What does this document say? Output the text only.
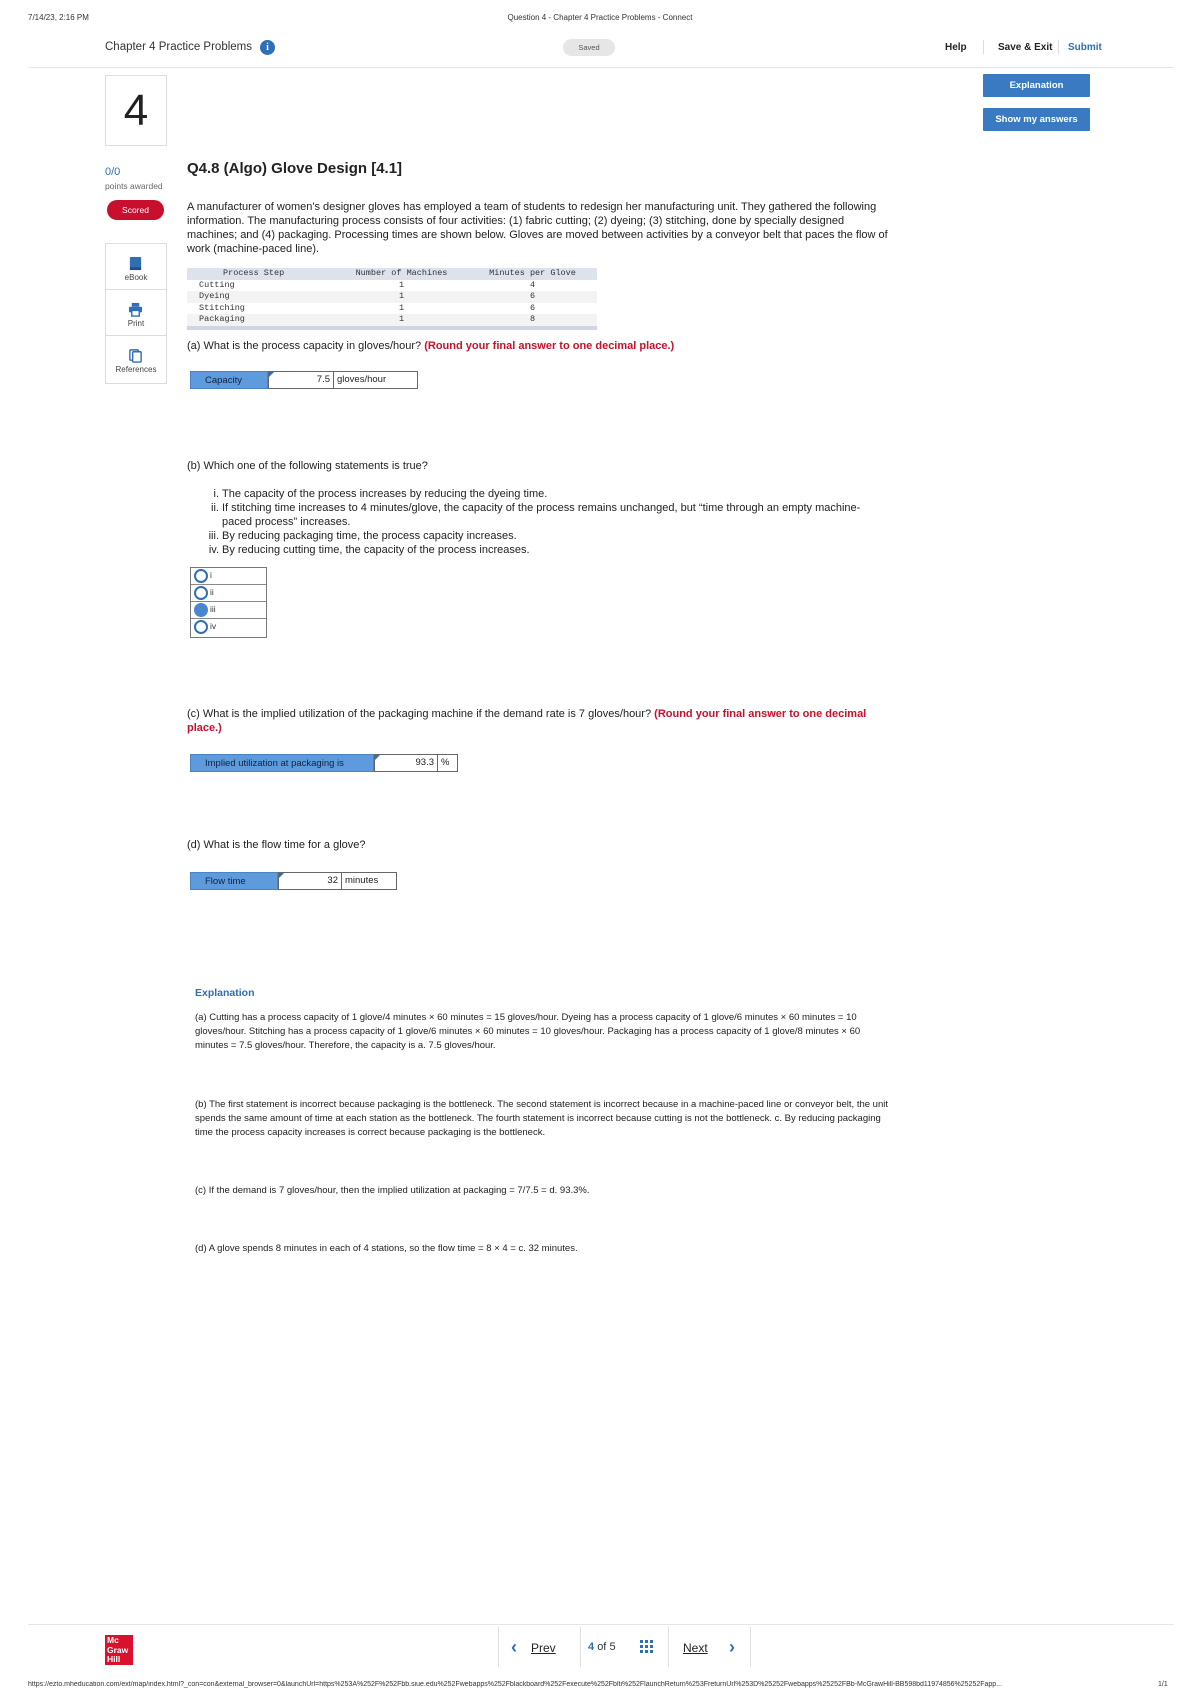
7/14/23, 2:16 PM	Question 4 - Chapter 4 Practice Problems - Connect
Chapter 4 Practice Problems	i	Saved	Help	Save & Exit Submit
Explanation
Show my answers
4
0/0
points awarded
Scored
eBook
Print
References
Q4.8 (Algo) Glove Design [4.1]
A manufacturer of women's designer gloves has employed a team of students to redesign her manufacturing unit. They gathered the following information. The manufacturing process consists of four activities: (1) fabric cutting; (2) dyeing; (3) stitching, done by specially designed machines; and (4) packaging. Processing times are shown below. Gloves are moved between activities by a conveyor belt that paces the flow of work (machine-paced line).
Process Step	Number of Machines	Minutes per Glove
Cutting	1	4
Dyeing	1	6
Stitching	1	6
Packaging	1	8
(a) What is the process capacity in gloves/hour? (Round your final answer to one decimal place.)
Capacity	7.5 gloves/hour
(b) Which one of the following statements is true?
i. The capacity of the process increases by reducing the dyeing time.
ii. If stitching time increases to 4 minutes/glove, the capacity of the process remains unchanged, but “time through an empty machine-paced process” increases.
iii. By reducing packaging time, the process capacity increases.
iv. By reducing cutting time, the capacity of the process increases.
i
ii
iii
iv
(c) What is the implied utilization of the packaging machine if the demand rate is 7 gloves/hour? (Round your final answer to one decimal place.)
Implied utilization at packaging is	93.3 %
(d) What is the flow time for a glove?
Flow time	32 minutes
Explanation
(a) Cutting has a process capacity of 1 glove/4 minutes × 60 minutes = 15 gloves/hour. Dyeing has a process capacity of 1 glove/6 minutes × 60 minutes = 10 gloves/hour. Stitching has a process capacity of 1 glove/6 minutes × 60 minutes = 10 gloves/hour. Packaging has a process capacity of 1 glove/8 minutes × 60 minutes = 7.5 gloves/hour. Therefore, the capacity is a. 7.5 gloves/hour.
(b) The first statement is incorrect because packaging is the bottleneck. The second statement is incorrect because in a machine-paced line or conveyor belt, the unit spends the same amount of time at each station as the bottleneck. The fourth statement is incorrect because cutting is not the bottleneck. c. By reducing packaging time the process capacity increases is correct because packaging is the bottleneck.
(c) If the demand is 7 gloves/hour, then the implied utilization at packaging = 7/7.5 = d. 93.3%.
(d) A glove spends 8 minutes in each of 4 stations, so the flow time = 8 × 4 = c. 32 minutes.
Mc Graw Hill
‹ Prev	4 of 5	Next ›
https://ezto.mheducation.com/ext/map/index.html?_con=con&external_browser=0&launchUrl=https%253A%252F%252Fbb.siue.edu%252Fwebapps%252Fblackboard%252Fexecute%252Fblti%252FlaunchReturn%253FreturnUrl%253D%25252Fwebapps%25252FBb-McGrawHill-BB598bd11974856%25252Fapp...	1/1
